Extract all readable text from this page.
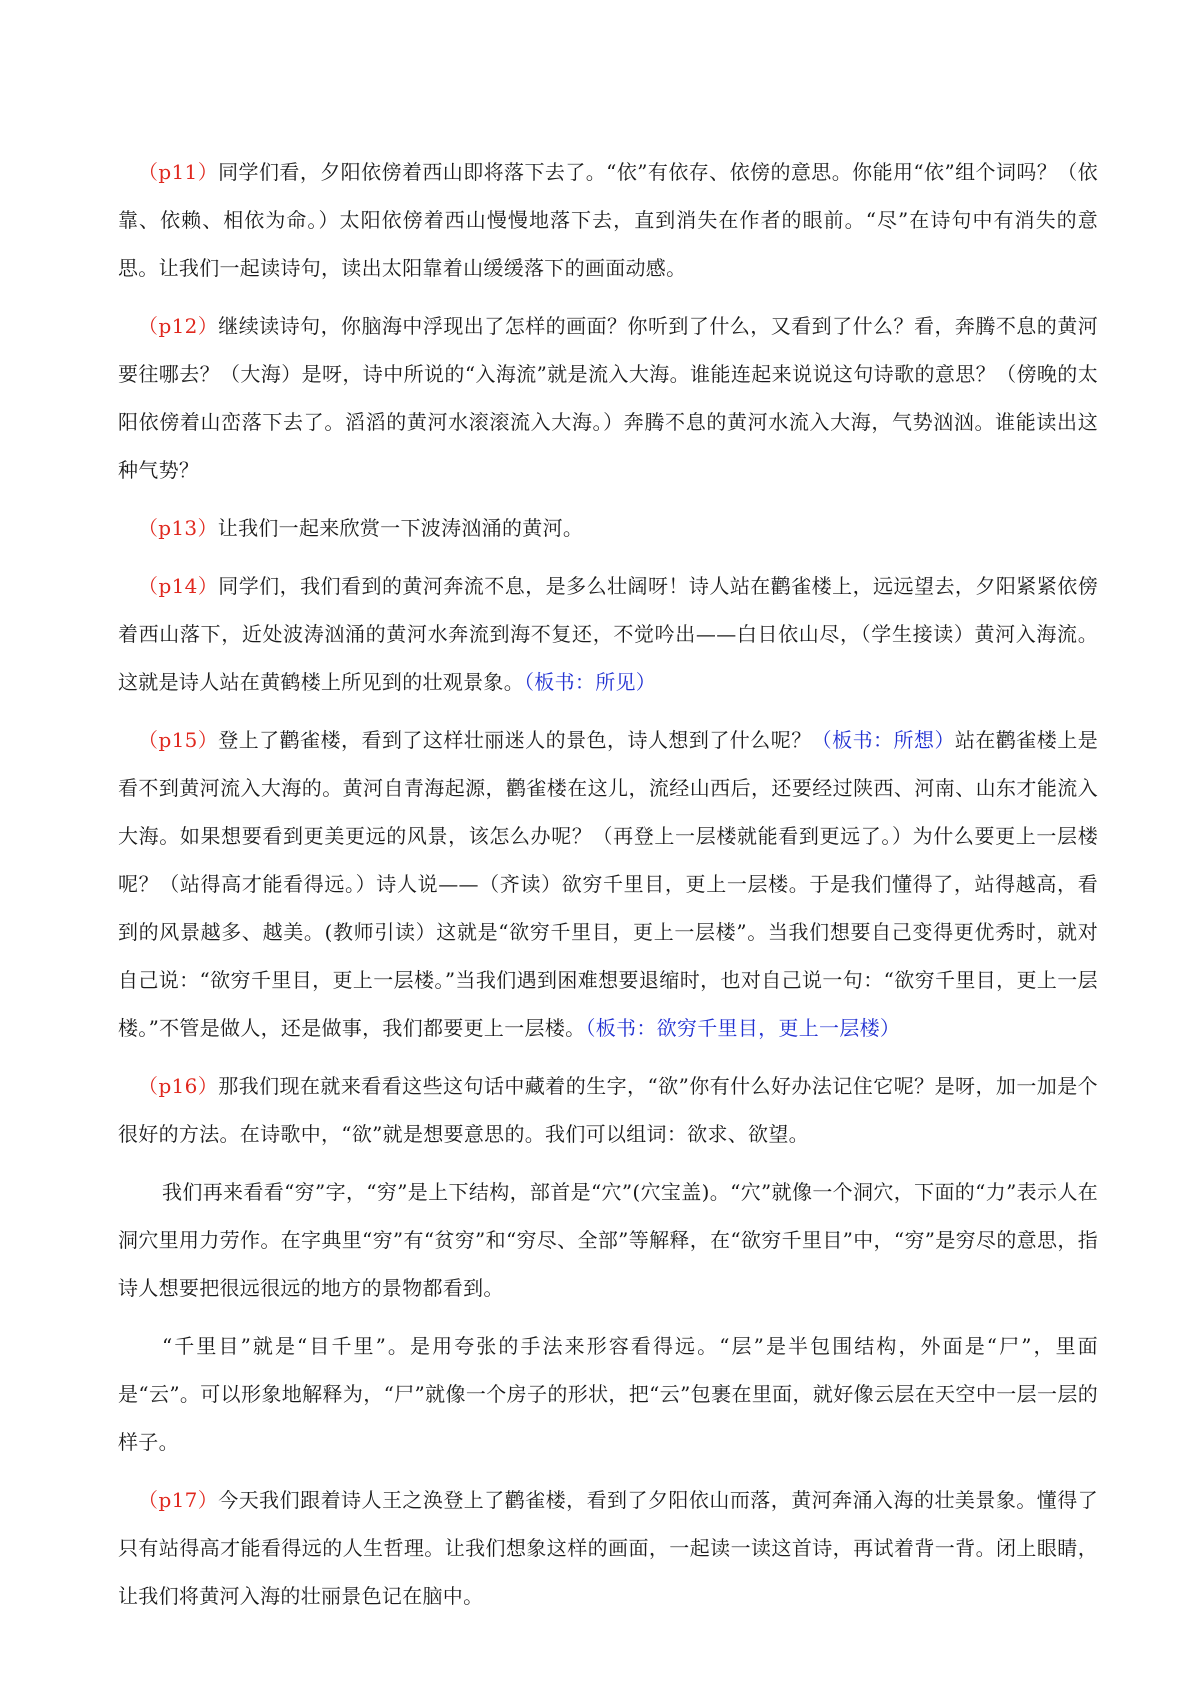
（p11）同学们看，夕阳依傍着西山即将落下去了。“依”有依存、依傍的意思。你能用“依”组个词吗？（依靠、依赖、相依为命。）太阳依傍着西山慢慢地落下去，直到消失在作者的眼前。“尽”在诗句中有消失的意思。让我们一起读诗句，读出太阳靠着山缓缓落下的画面动感。

（p12）继续读诗句，你脑海中浮现出了怎样的画面？你听到了什么，又看到了什么？看，奔腾不息的黄河要往哪去？（大海）是呀，诗中所说的“入海流”就是流入大海。谁能连起来说说这句诗歌的意思？（傍晚的太阳依傍着山峦落下去了。滔滔的黄河水滚滚流入大海。）奔腾不息的黄河水流入大海，气势汹汹。谁能读出这种气势？

（p13）让我们一起来欣赏一下波涛汹涌的黄河。

（p14）同学们，我们看到的黄河奔流不息，是多么壮阔呀！诗人站在鹳雀楼上，远远望去，夕阳紧紧依傍着西山落下，近处波涛汹涌的黄河水奔流到海不复还，不觉吟出——白日依山尽，（学生接读）黄河入海流。这就是诗人站在黄鹤楼上所见到的壮观景象。（板书：所见）

（p15）登上了鹳雀楼，看到了这样壮丽迷人的景色，诗人想到了什么呢？（板书：所想）站在鹳雀楼上是看不到黄河流入大海的。黄河自青海起源，鹳雀楼在这儿，流经山西后，还要经过陕西、河南、山东才能流入大海。如果想要看到更美更远的风景，该怎么办呢？（再登上一层楼就能看到更远了。）为什么要更上一层楼呢？（站得高才能看得远。）诗人说——（齐读）欲穷千里目，更上一层楼。于是我们懂得了，站得越高，看到的风景越多、越美。(教师引读）这就是“欲穷千里目，更上一层楼”。当我们想要自己变得更优秀时，就对自己说：“欲穷千里目，更上一层楼。”当我们遇到困难想要退缩时，也对自己说一句：“欲穷千里目，更上一层楼。”不管是做人，还是做事，我们都要更上一层楼。（板书：欲穷千里目，更上一层楼）

（p16）那我们现在就来看看这些这句话中藏着的生字，“欲”你有什么好办法记住它呢？是呀，加一加是个很好的方法。在诗歌中，“欲”就是想要意思的。我们可以组词：欲求、欲望。

我们再来看看“穷”字，“穷”是上下结构，部首是“穴”(穴宝盖)。“穴”就像一个洞穴，下面的“力”表示人在洞穴里用力劳作。在字典里“穷”有“贫穷”和“穷尽、全部”等解释，在“欲穷千里目”中，“穷”是穷尽的意思，指诗人想要把很远很远的地方的景物都看到。

“千里目”就是“目千里”。是用夸张的手法来形容看得远。“层”是半包围结构，外面是“尸”，里面是“云”。可以形象地解释为，“尸”就像一个房子的形状，把“云”包裹在里面，就好像云层在天空中一层一层的样子。

（p17）今天我们跟着诗人王之涣登上了鹳雀楼，看到了夕阳依山而落，黄河奔涌入海的壮美景象。懂得了只有站得高才能看得远的人生哲理。让我们想象这样的画面，一起读一读这首诗，再试着背一背。闭上眼睛，让我们将黄河入海的壮丽景色记在脑中。
